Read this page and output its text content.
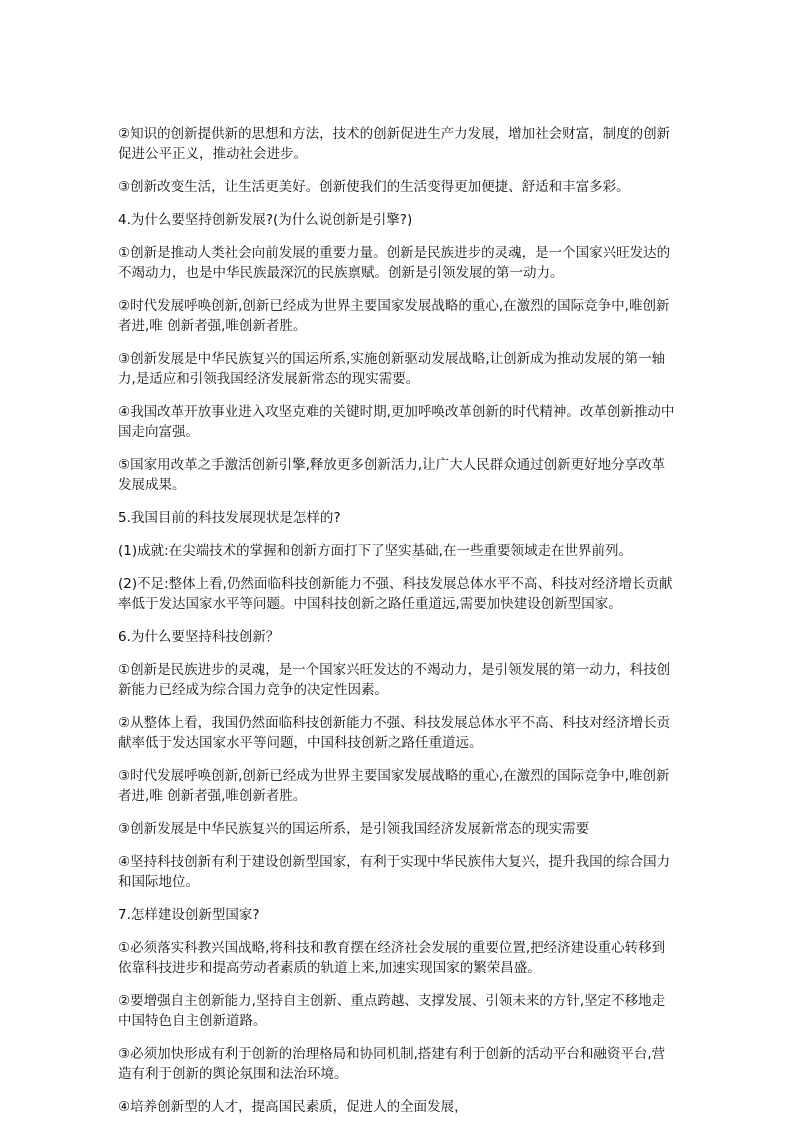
②知识的创新提供新的思想和方法，技术的创新促进生产力发展，增加社会财富，制度的创新促进公平正义，推动社会进步。

③创新改变生活，让生活更美好。创新使我们的生活变得更加便捷、舒适和丰富多彩。

4.为什么要坚持创新发展?(为什么说创新是引擎?)

①创新是推动人类社会向前发展的重要力量。创新是民族进步的灵魂，是一个国家兴旺发达的不竭动力，也是中华民族最深沉的民族禀赋。创新是引领发展的第一动力。

②时代发展呼唤创新,创新已经成为世界主要国家发展战略的重心,在激烈的国际竞争中,唯创新者进,唯 创新者强,唯创新者胜。

③创新发展是中华民族复兴的国运所系,实施创新驱动发展战略,让创新成为推动发展的第一轴力,是适应和引领我国经济发展新常态的现实需要。

④我国改革开放事业进入攻坚克难的关键时期,更加呼唤改革创新的时代精神。改革创新推动中国走向富强。

⑤国家用改革之手激活创新引擎,释放更多创新活力,让广大人民群众通过创新更好地分享改革发展成果。

5.我国目前的科技发展现状是怎样的?

(1)成就:在尖端技术的掌握和创新方面打下了坚实基础,在一些重要领域走在世界前列。

(2)不足:整体上看,仍然面临科技创新能力不强、科技发展总体水平不高、科技对经济增长贡献率低于发达国家水平等问题。中国科技创新之路任重道远,需要加快建设创新型国家。

6.为什么要坚持科技创新？

①创新是民族进步的灵魂，是一个国家兴旺发达的不竭动力，是引领发展的第一动力，科技创新能力已经成为综合国力竞争的决定性因素。

②从整体上看，我国仍然面临科技创新能力不强、科技发展总体水平不高、科技对经济增长贡献率低于发达国家水平等问题，中国科技创新之路任重道远。

③时代发展呼唤创新,创新已经成为世界主要国家发展战略的重心,在激烈的国际竞争中,唯创新者进,唯 创新者强,唯创新者胜。

③创新发展是中华民族复兴的国运所系，是引领我国经济发展新常态的现实需要

④坚持科技创新有利于建设创新型国家，有利于实现中华民族伟大复兴，提升我国的综合国力和国际地位。

7.怎样建设创新型国家?

①必须落实科教兴国战略,将科技和教育摆在经济社会发展的重要位置,把经济建设重心转移到依靠科技进步和提高劳动者素质的轨道上来,加速实现国家的繁荣昌盛。

②要增强自主创新能力,坚持自主创新、重点跨越、支撑发展、引领未来的方针,坚定不移地走中国特色自主创新道路。

③必须加快形成有利于创新的治理格局和协同机制,搭建有利于创新的活动平台和融资平台,营造有利于创新的舆论氛围和法治环境。

④培养创新型的人才，提高国民素质，促进人的全面发展，
